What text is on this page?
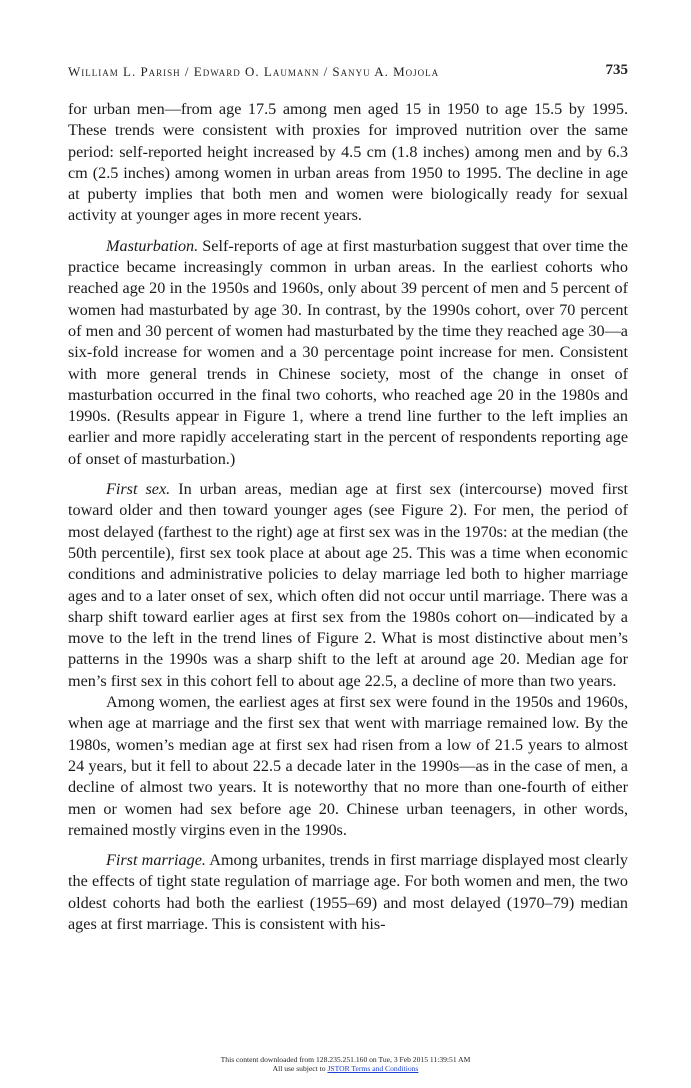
William L. Parish / Edward O. Laumann / Sanyu A. Mojola	735

for urban men—from age 17.5 among men aged 15 in 1950 to age 15.5 by 1995. These trends were consistent with proxies for improved nutrition over the same period: self-reported height increased by 4.5 cm (1.8 inches) among men and by 6.3 cm (2.5 inches) among women in urban areas from 1950 to 1995. The decline in age at puberty implies that both men and women were biologically ready for sexual activity at younger ages in more recent years.

Masturbation. Self-reports of age at first masturbation suggest that over time the practice became increasingly common in urban areas. In the earliest cohorts who reached age 20 in the 1950s and 1960s, only about 39 percent of men and 5 percent of women had masturbated by age 30. In contrast, by the 1990s cohort, over 70 percent of men and 30 percent of women had masturbated by the time they reached age 30—a six-fold increase for women and a 30 percentage point increase for men. Consistent with more general trends in Chinese society, most of the change in onset of masturbation occurred in the final two cohorts, who reached age 20 in the 1980s and 1990s. (Results appear in Figure 1, where a trend line further to the left implies an earlier and more rapidly accelerating start in the percent of respondents reporting age of onset of masturbation.)

First sex. In urban areas, median age at first sex (intercourse) moved first toward older and then toward younger ages (see Figure 2). For men, the period of most delayed (farthest to the right) age at first sex was in the 1970s: at the median (the 50th percentile), first sex took place at about age 25. This was a time when economic conditions and administrative policies to delay marriage led both to higher marriage ages and to a later onset of sex, which often did not occur until marriage. There was a sharp shift toward earlier ages at first sex from the 1980s cohort on—indicated by a move to the left in the trend lines of Figure 2. What is most distinctive about men’s patterns in the 1990s was a sharp shift to the left at around age 20. Median age for men’s first sex in this cohort fell to about age 22.5, a decline of more than two years.

Among women, the earliest ages at first sex were found in the 1950s and 1960s, when age at marriage and the first sex that went with marriage remained low. By the 1980s, women’s median age at first sex had risen from a low of 21.5 years to almost 24 years, but it fell to about 22.5 a decade later in the 1990s—as in the case of men, a decline of almost two years. It is noteworthy that no more than one-fourth of either men or women had sex before age 20. Chinese urban teenagers, in other words, remained mostly virgins even in the 1990s.

First marriage. Among urbanites, trends in first marriage displayed most clearly the effects of tight state regulation of marriage age. For both women and men, the two oldest cohorts had both the earliest (1955–69) and most delayed (1970–79) median ages at first marriage. This is consistent with his-

This content downloaded from 128.235.251.160 on Tue, 3 Feb 2015 11:39:51 AM
All use subject to JSTOR Terms and Conditions
